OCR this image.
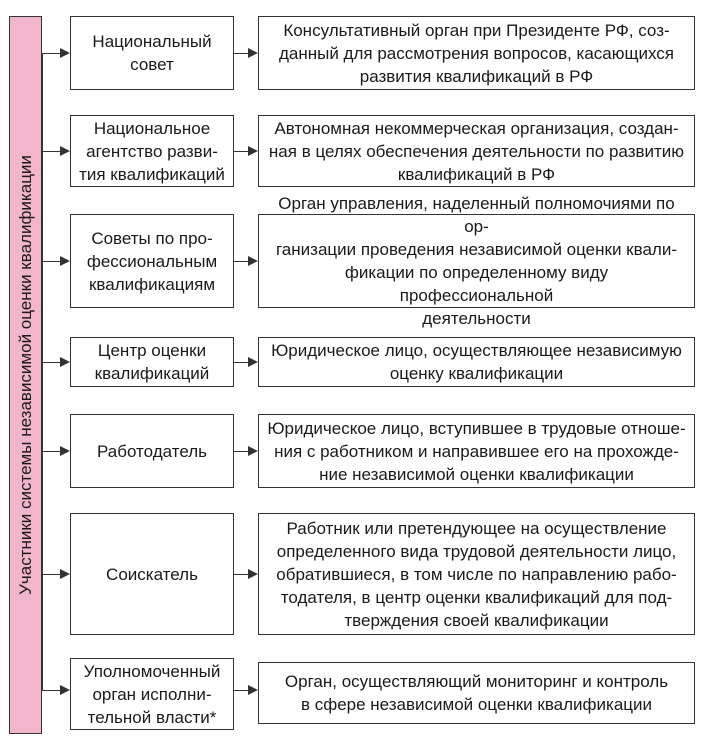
Участники системы независимой оценки квалификации
Национальный
совет
Консультативный орган при Президенте РФ, соз-
данный для рассмотрения вопросов, касающихся
развития квалификаций в РФ
Национальное
агентство разви-
тия квалификаций
Автономная некоммерческая организация, создан-
ная в целях обеспечения деятельности по развитию
квалификаций в РФ
Советы по про-
фессиональным
квалификациям
Орган управления, наделенный полномочиями по ор-
ганизации проведения независимой оценки квали-
фикации по определенному виду профессиональной
деятельности
Центр оценки
квалификаций
Юридическое лицо, осуществляющее независимую
оценку квалификации
Работодатель
Юридическое лицо, вступившее в трудовые отноше-
ния с работником и направившее его на прохожде-
ние независимой оценки квалификации
Соискатель
Работник или претендующее на осуществление
определенного вида трудовой деятельности лицо,
обратившиеся, в том числе по направлению рабо-
тодателя, в центр оценки квалификаций для под-
тверждения своей квалификации
Уполномоченный
орган исполни-
тельной власти*
Орган, осуществляющий мониторинг и контроль
в сфере независимой оценки квалификации
